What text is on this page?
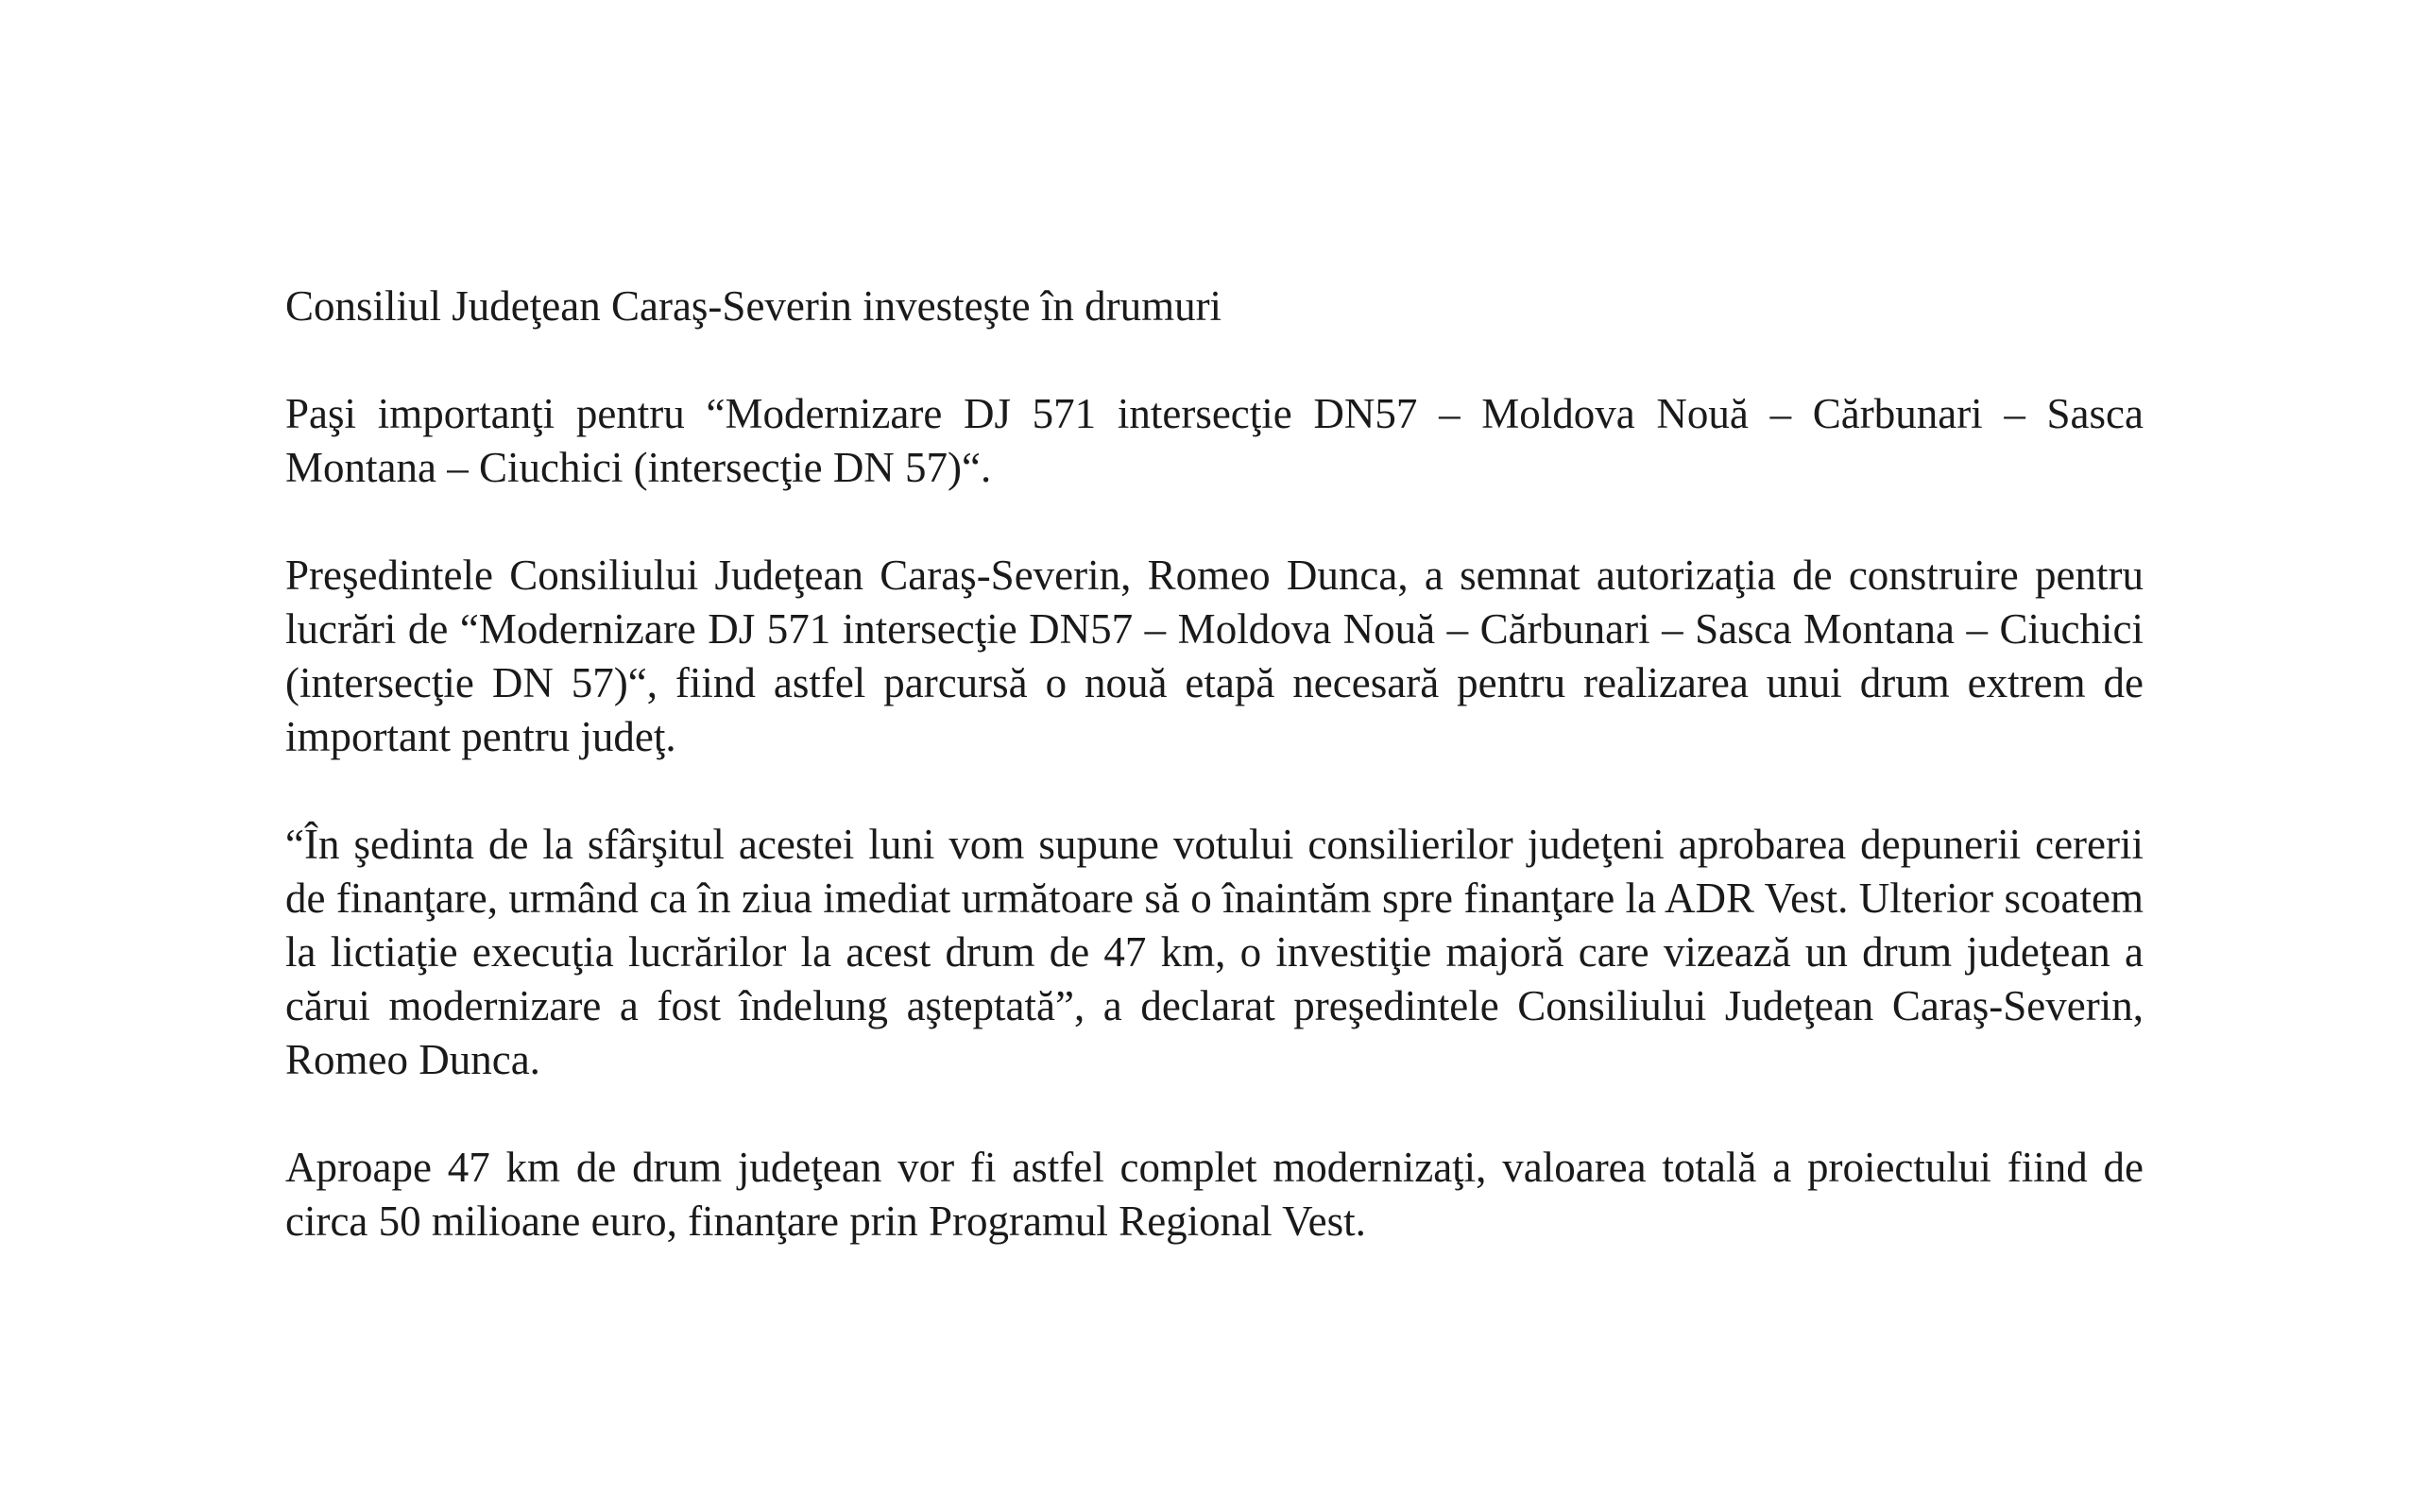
Consiliul Judeţean Caraş-Severin investeşte în drumuri

Paşi importanţi pentru “Modernizare DJ 571 intersecţie DN57 – Moldova Nouă – Cărbunari – Sasca Montana – Ciuchici (intersecţie DN 57)“.

Preşedintele Consiliului Judeţean Caraş-Severin, Romeo Dunca, a semnat autorizaţia de construire pentru lucrări de “Modernizare DJ 571 intersecţie DN57 – Moldova Nouă – Cărbunari – Sasca Montana – Ciuchici (intersecţie DN 57)“, fiind astfel parcursă o nouă etapă necesară pentru realizarea unui drum extrem de important pentru judeţ.

“În şedinta de la sfârşitul acestei luni vom supune votului consilierilor judeţeni aprobarea depunerii cererii de finanţare, urmând ca în ziua imediat următoare să o înaintăm spre finanţare la ADR Vest. Ulterior scoatem la lictiaţie execuţia lucrărilor la acest drum de 47 km, o investiţie majoră care vizează un drum judeţean a cărui modernizare a fost îndelung aşteptată”, a declarat preşedintele Consiliului Judeţean Caraş-Severin, Romeo Dunca.

Aproape 47 km de drum judeţean vor fi astfel complet modernizaţi, valoarea totală a proiectului fiind de circa 50 milioane euro, finanţare prin Programul Regional Vest.
